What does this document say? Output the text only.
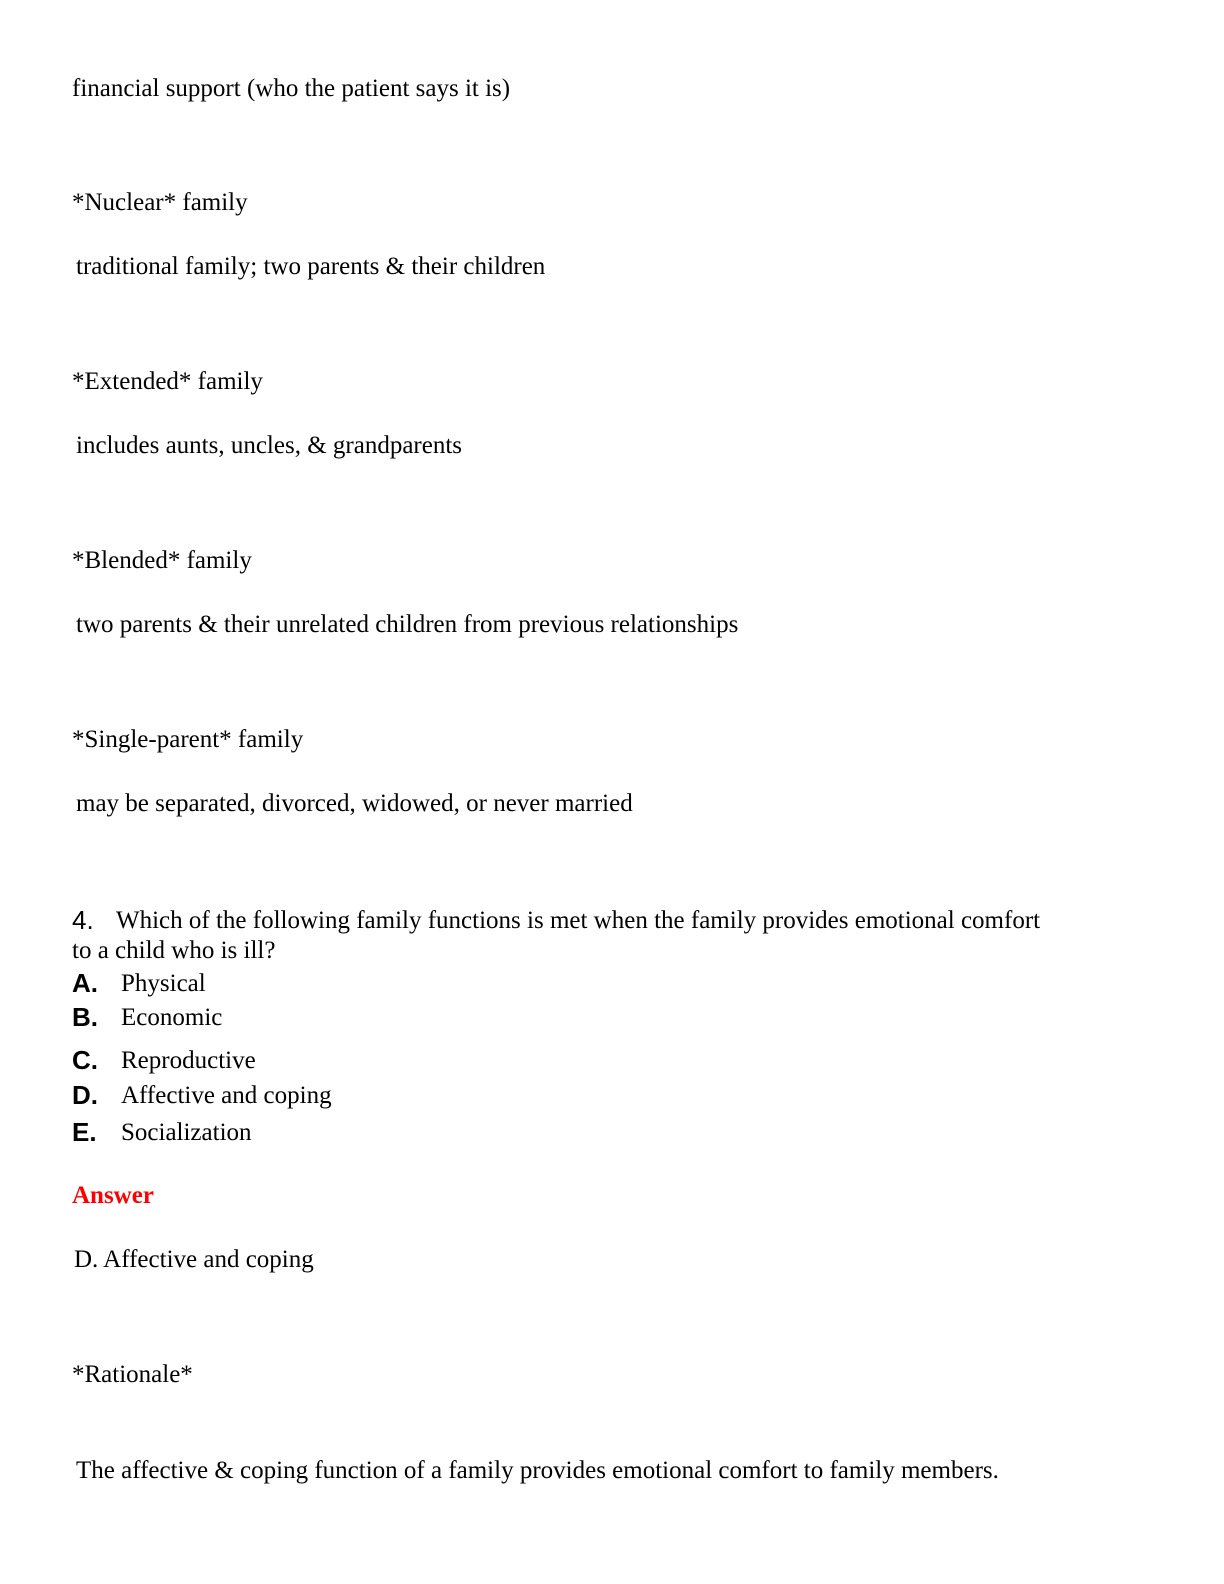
financial support (who the patient says it is)
*Nuclear* family
traditional family; two parents & their children
*Extended* family
includes aunts, uncles, & grandparents
*Blended* family
two parents & their unrelated children from previous relationships
*Single-parent* family
may be separated, divorced, widowed, or never married
4. Which of the following family functions is met when the family provides emotional comfort
to a child who is ill?
A. Physical
B. Economic
C. Reproductive
D. Affective and coping
E. Socialization
Answer
D. Affective and coping
*Rationale*
The affective & coping function of a family provides emotional comfort to family members.
